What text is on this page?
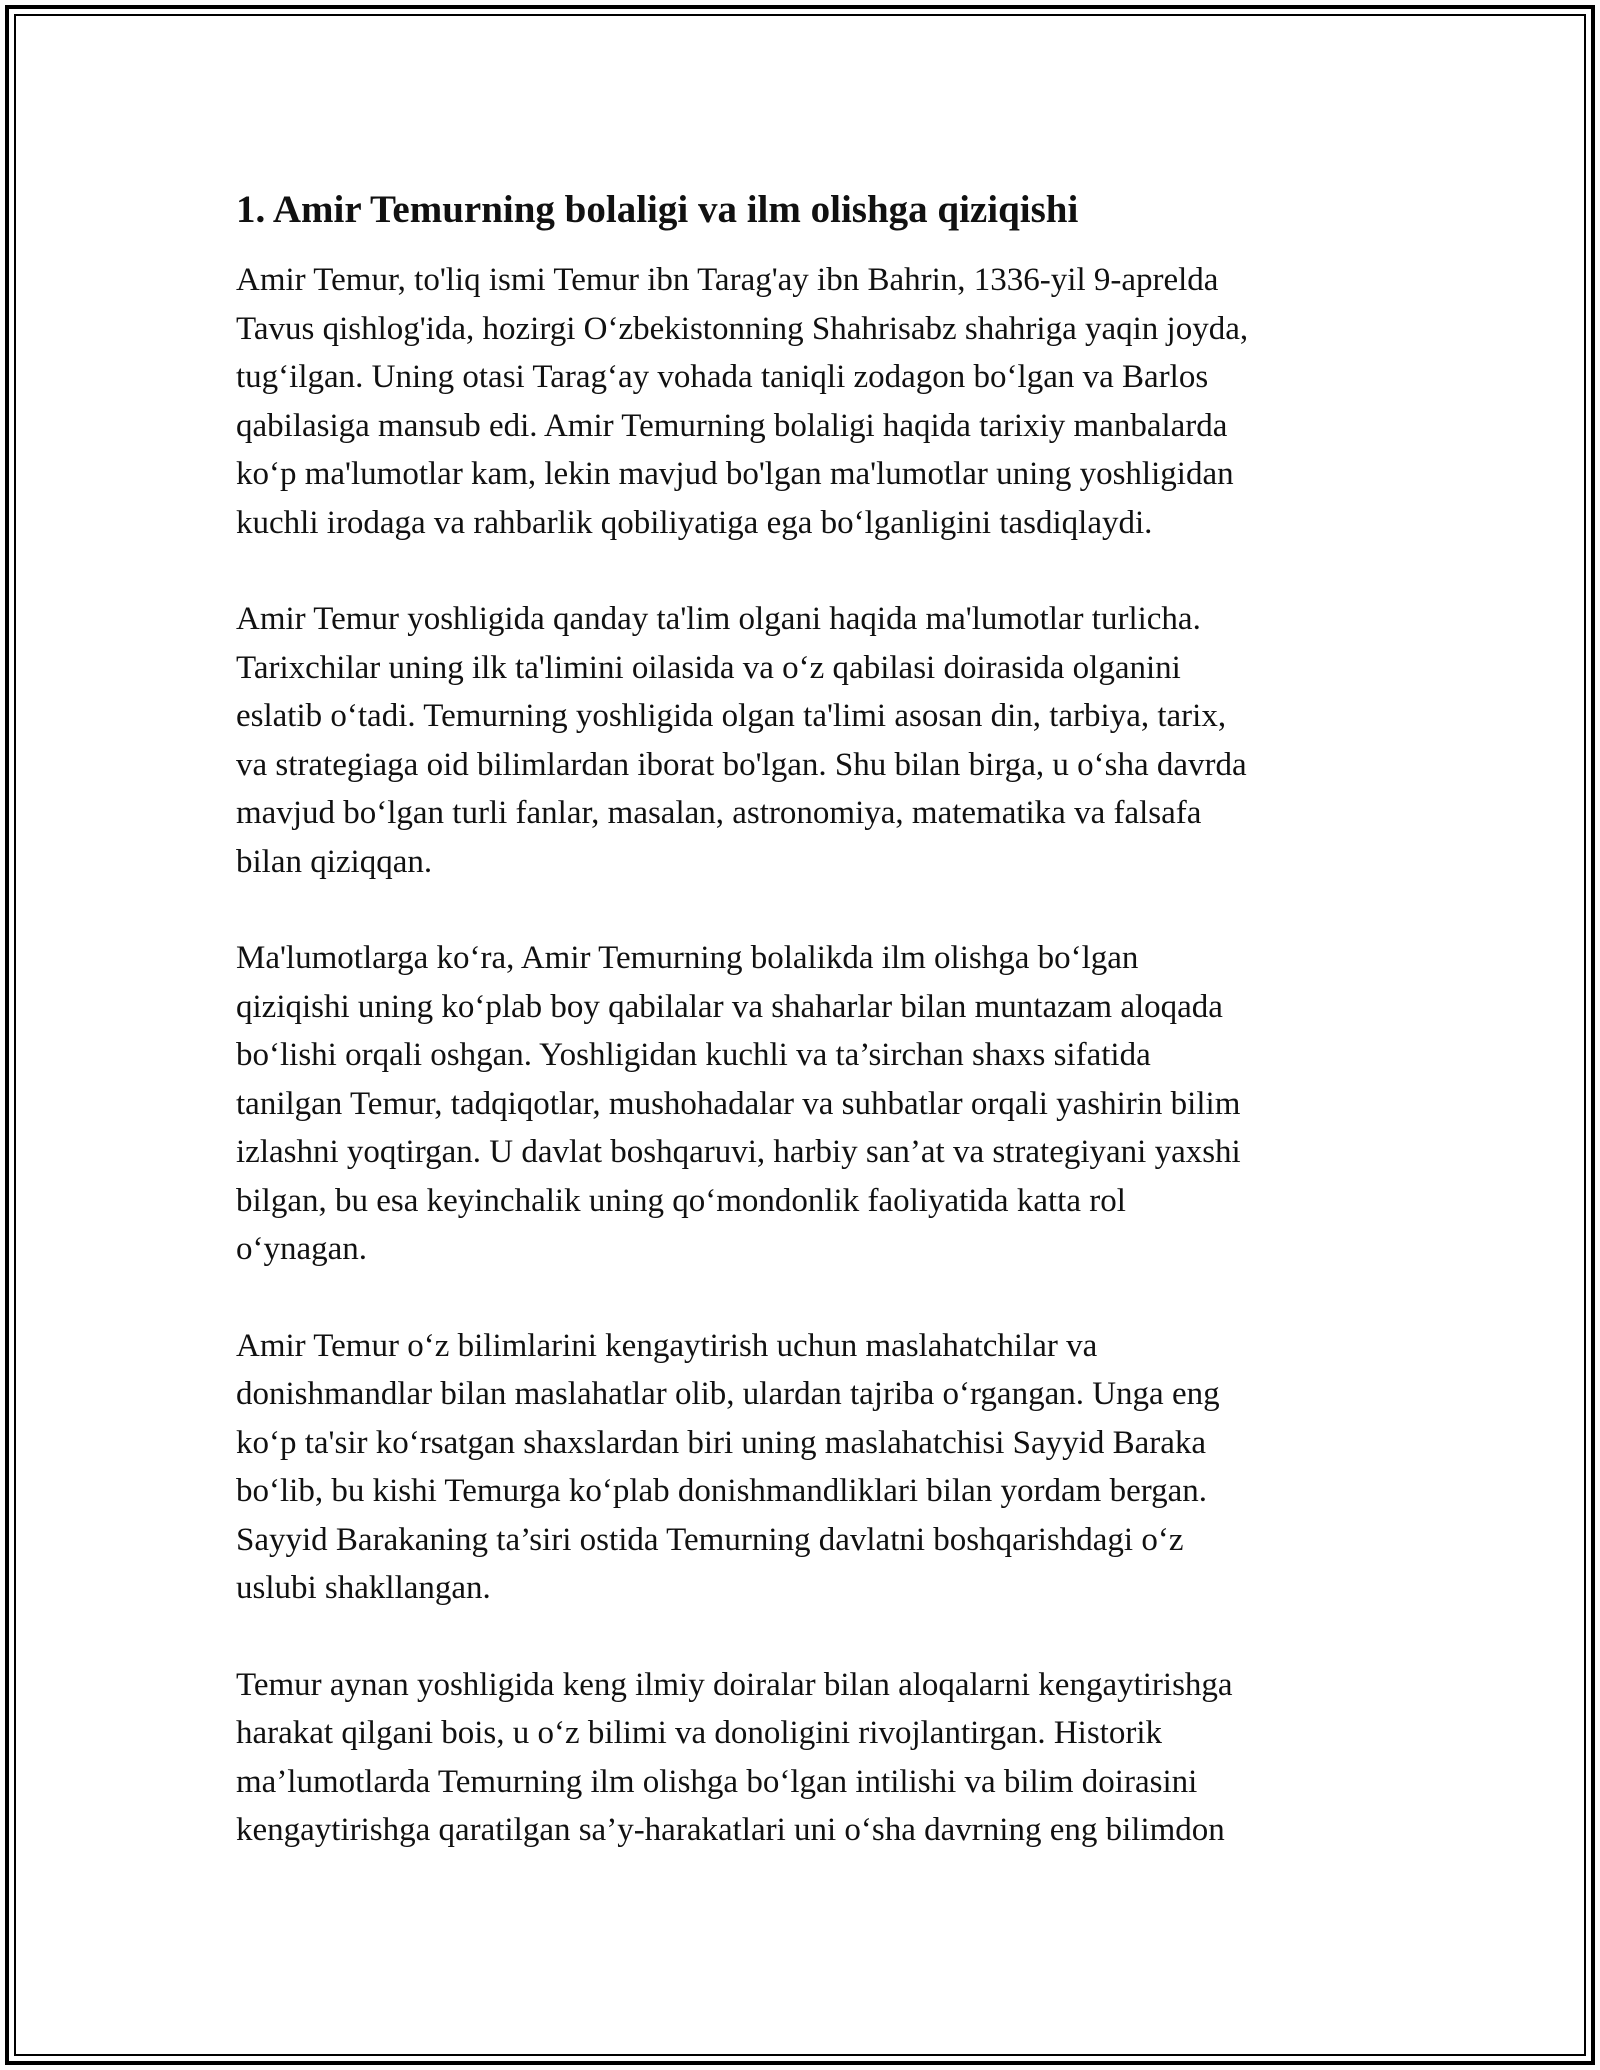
1. Amir Temurning bolaligi va ilm olishga qiziqishi

Amir Temur, to'liq ismi Temur ibn Tarag'ay ibn Bahrin, 1336-yil 9-aprelda
Tavus qishlog'ida, hozirgi O‘zbekistonning Shahrisabz shahriga yaqin joyda,
tug‘ilgan. Uning otasi Tarag‘ay vohada taniqli zodagon bo‘lgan va Barlos
qabilasiga mansub edi. Amir Temurning bolaligi haqida tarixiy manbalarda
ko‘p ma'lumotlar kam, lekin mavjud bo'lgan ma'lumotlar uning yoshligidan
kuchli irodaga va rahbarlik qobiliyatiga ega bo‘lganligini tasdiqlaydi.

Amir Temur yoshligida qanday ta'lim olgani haqida ma'lumotlar turlicha.
Tarixchilar uning ilk ta'limini oilasida va o‘z qabilasi doirasida olganini
eslatib o‘tadi. Temurning yoshligida olgan ta'limi asosan din, tarbiya, tarix,
va strategiaga oid bilimlardan iborat bo'lgan. Shu bilan birga, u o‘sha davrda
mavjud bo‘lgan turli fanlar, masalan, astronomiya, matematika va falsafa
bilan qiziqqan.

Ma'lumotlarga ko‘ra, Amir Temurning bolalikda ilm olishga bo‘lgan
qiziqishi uning ko‘plab boy qabilalar va shaharlar bilan muntazam aloqada
bo‘lishi orqali oshgan. Yoshligidan kuchli va ta’sirchan shaxs sifatida
tanilgan Temur, tadqiqotlar, mushohadalar va suhbatlar orqali yashirin bilim
izlashni yoqtirgan. U davlat boshqaruvi, harbiy san’at va strategiyani yaxshi
bilgan, bu esa keyinchalik uning qo‘mondonlik faoliyatida katta rol
o‘ynagan.

Amir Temur o‘z bilimlarini kengaytirish uchun maslahatchilar va
donishmandlar bilan maslahatlar olib, ulardan tajriba o‘rgangan. Unga eng
ko‘p ta'sir ko‘rsatgan shaxslardan biri uning maslahatchisi Sayyid Baraka
bo‘lib, bu kishi Temurga ko‘plab donishmandliklari bilan yordam bergan.
Sayyid Barakaning ta’siri ostida Temurning davlatni boshqarishdagi o‘z
uslubi shakllangan.

Temur aynan yoshligida keng ilmiy doiralar bilan aloqalarni kengaytirishga
harakat qilgani bois, u o‘z bilimi va donoligini rivojlantirgan. Historik
ma’lumotlarda Temurning ilm olishga bo‘lgan intilishi va bilim doirasini
kengaytirishga qaratilgan sa’y-harakatlari uni o‘sha davrning eng bilimdon
